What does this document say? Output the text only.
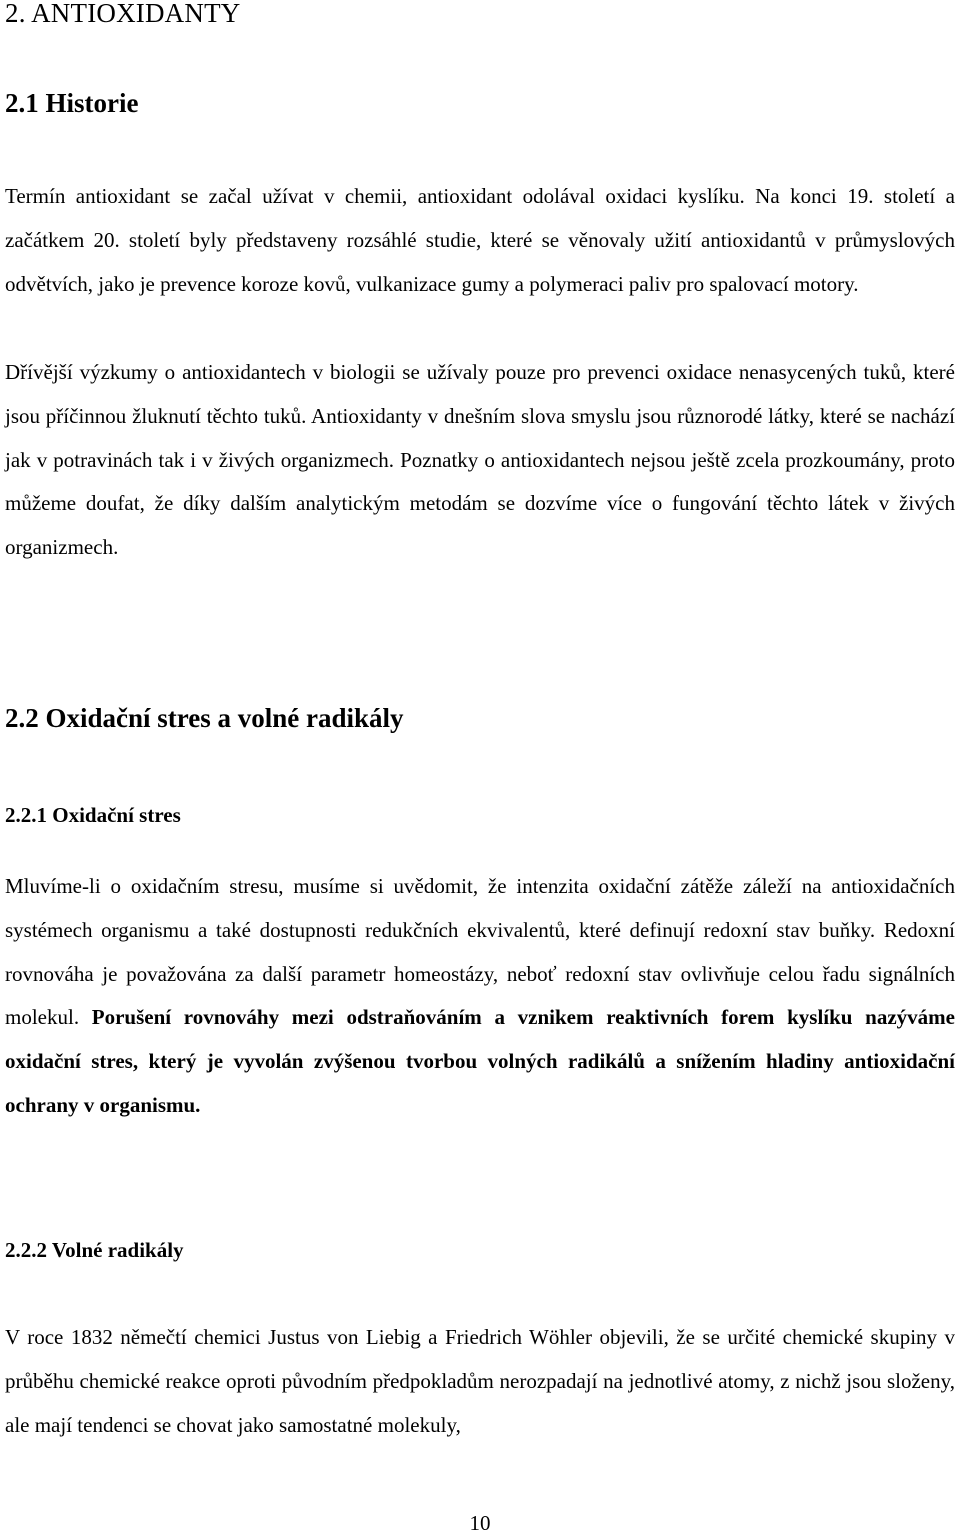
2. ANTIOXIDANTY
2.1 Historie

Termín antioxidant se začal užívat v chemii, antioxidant odolával oxidaci kyslíku. Na konci 19. století a začátkem 20. století byly představeny rozsáhlé studie, které se věnovaly užití antioxidantů v průmyslových odvětvích, jako je prevence koroze kovů, vulkanizace gumy a polymeraci paliv pro spalovací motory.

Dřívější výzkumy o antioxidantech v biologii se užívaly pouze pro prevenci oxidace nenasycených tuků, které jsou příčinnou žluknutí těchto tuků. Antioxidanty v dnešním slova smyslu jsou různorodé látky, které se nachází jak v potravinách tak i v živých organizmech. Poznatky o antioxidantech nejsou ještě zcela prozkoumány, proto můžeme doufat, že díky dalším analytickým metodám se dozvíme více o fungování těchto látek v živých organizmech.

2.2 Oxidační stres a volné radikály
2.2.1 Oxidační stres

Mluvíme-li o oxidačním stresu, musíme si uvědomit, že intenzita oxidační zátěže záleží na antioxidačních systémech organismu a také dostupnosti redukčních ekvivalentů, které definují redoxní stav buňky. Redoxní rovnováha je považována za další parametr homeostázy, neboť redoxní stav ovlivňuje celou řadu signálních molekul. Porušení rovnováhy mezi odstraňováním a vznikem reaktivních forem kyslíku nazýváme oxidační stres, který je vyvolán zvýšenou tvorbou volných radikálů a snížením hladiny antioxidační ochrany v organismu.

2.2.2 Volné radikály

V roce 1832 němečtí chemici Justus von Liebig a Friedrich Wöhler objevili, že se určité chemické skupiny v průběhu chemické reakce oproti původním předpokladům nerozpadají na jednotlivé atomy, z nichž jsou složeny, ale mají tendenci se chovat jako samostatné molekuly,

10
